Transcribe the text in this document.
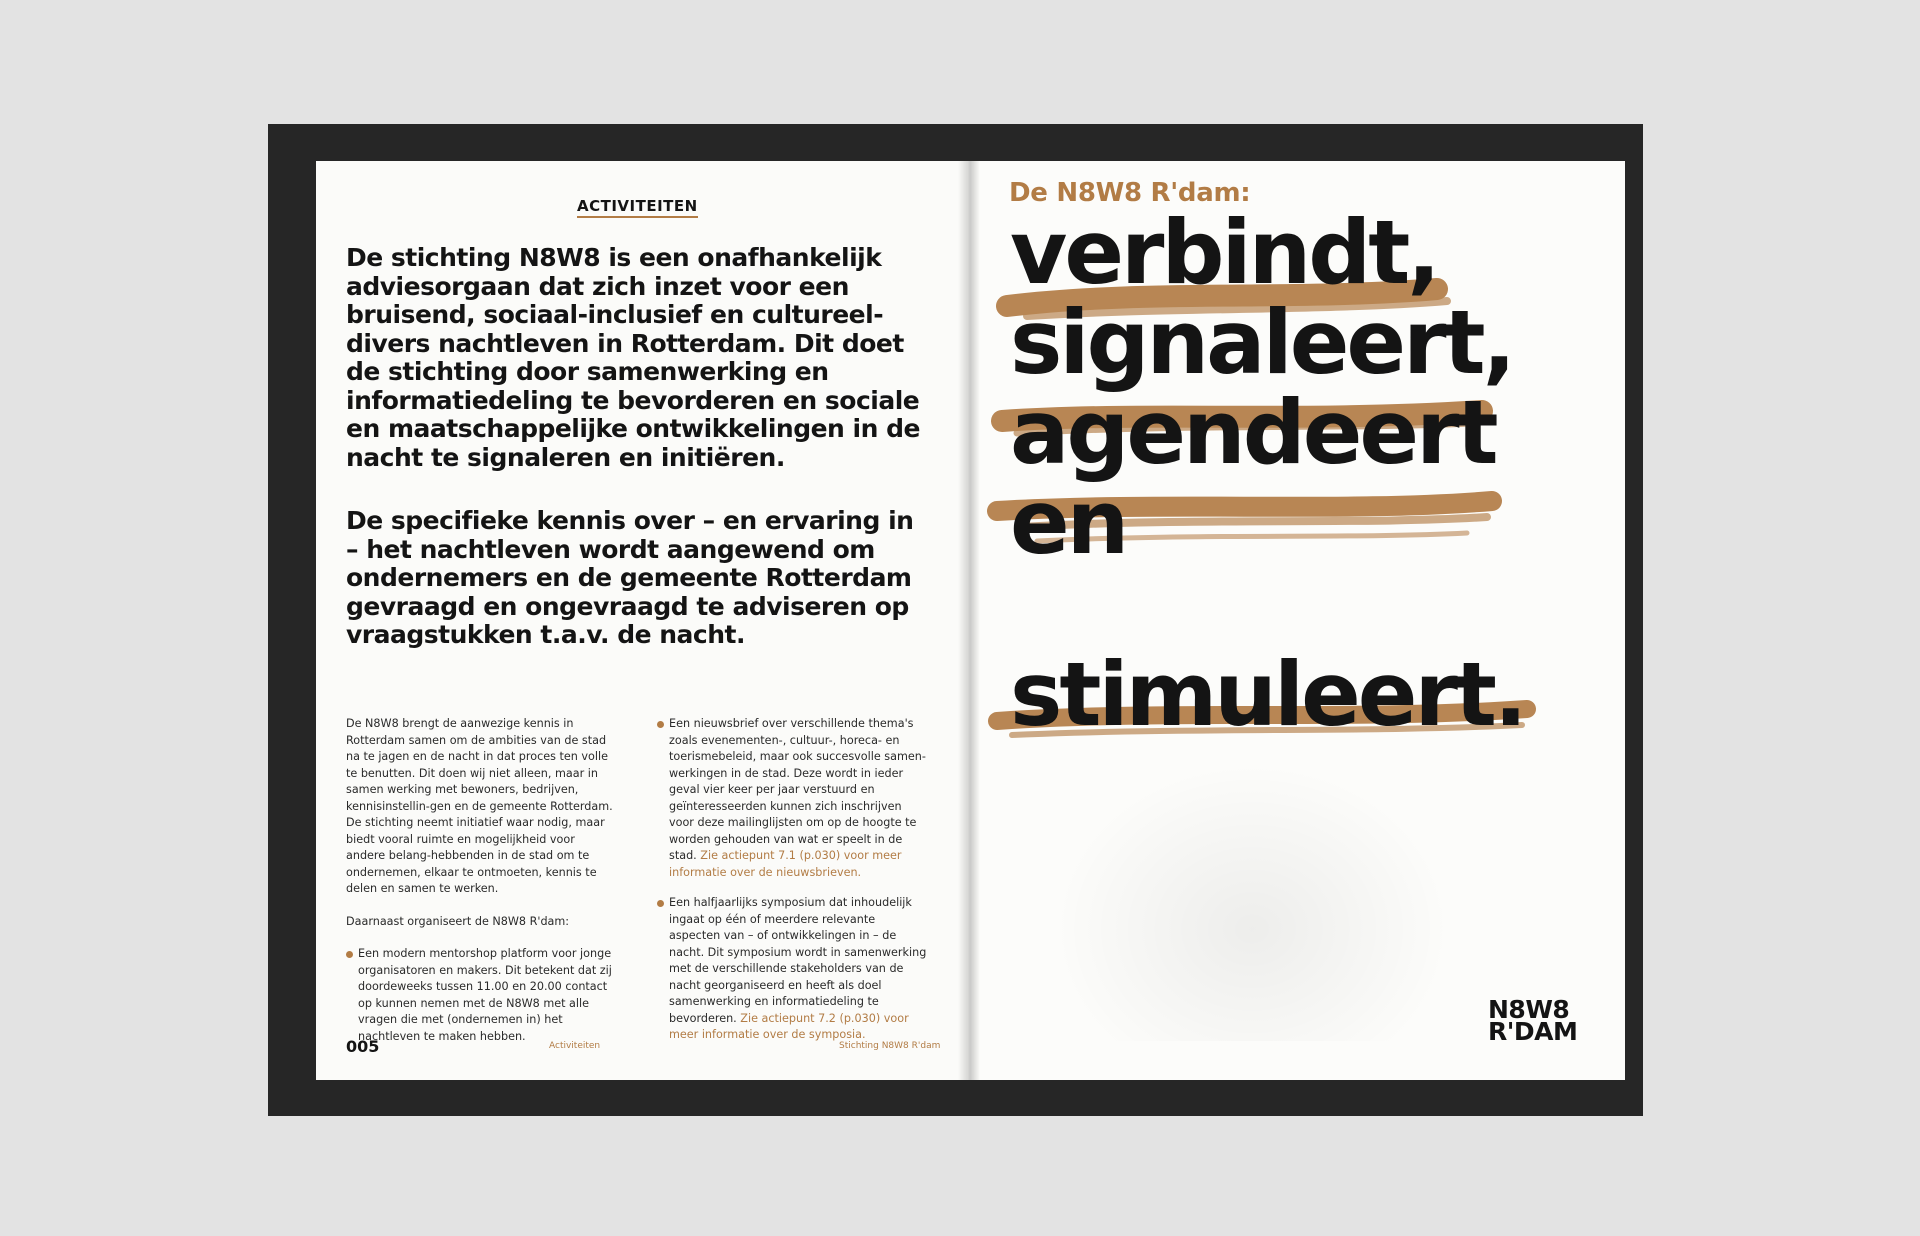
ACTIVITEITEN

De stichting N8W8 is een onafhankelijk adviesorgaan dat zich inzet voor een bruisend, sociaal-inclusief en cultureel-divers nachtleven in Rotterdam. Dit doet de stichting door samenwerking en informatiedeling te bevorderen en sociale en maatschappelijke ontwikkelingen in de nacht te signaleren en initiëren.

De specifieke kennis over – en ervaring in – het nachtleven wordt aangewend om ondernemers en de gemeente Rotterdam gevraagd en ongevraagd te adviseren op vraagstukken t.a.v. de nacht.

De N8W8 brengt de aanwezige kennis in Rotterdam samen om de ambities van de stad na te jagen en de nacht in dat proces ten volle te benutten. Dit doen wij niet alleen, maar in samen werking met bewoners, bedrijven, kennisinstellin-gen en de gemeente Rotterdam. De stichting neemt initiatief waar nodig, maar biedt vooral ruimte en mogelijkheid voor andere belang-hebbenden in de stad om te ondernemen, elkaar te ontmoeten, kennis te delen en samen te werken.

Daarnaast organiseert de N8W8 R'dam:

Een modern mentorshop platform voor jonge organisatoren en makers. Dit betekent dat zij doordeweeks tussen 11.00 en 20.00 contact op kunnen nemen met de N8W8 met alle vragen die met (ondernemen in) het nachtleven te maken hebben.
Een nieuwsbrief over verschillende thema's zoals evenementen-, cultuur-, horeca- en toerismebeleid, maar ook succesvolle samen-werkingen in de stad. Deze wordt in ieder geval vier keer per jaar verstuurd en geïnteresseerden kunnen zich inschrijven voor deze mailinglijsten om op de hoogte te worden gehouden van wat er speelt in de stad. Zie actiepunt 7.1 (p.030) voor meer informatie over de nieuwsbrieven.
Een halfjaarlijks symposium dat inhoudelijk ingaat op één of meerdere relevante aspecten van – of ontwikkelingen in – de nacht. Dit symposium wordt in samenwerking met de verschillende stakeholders van de nacht georganiseerd en heeft als doel samenwerking en informatiedeling te bevorderen. Zie actiepunt 7.2 (p.030) voor meer informatie over de symposia.
005	Activiteiten	Stichting N8W8 R'dam
De N8W8 R'dam:
verbindt,
signaleert,
agendeert
en
stimuleert.
N8W8
R'DAM
